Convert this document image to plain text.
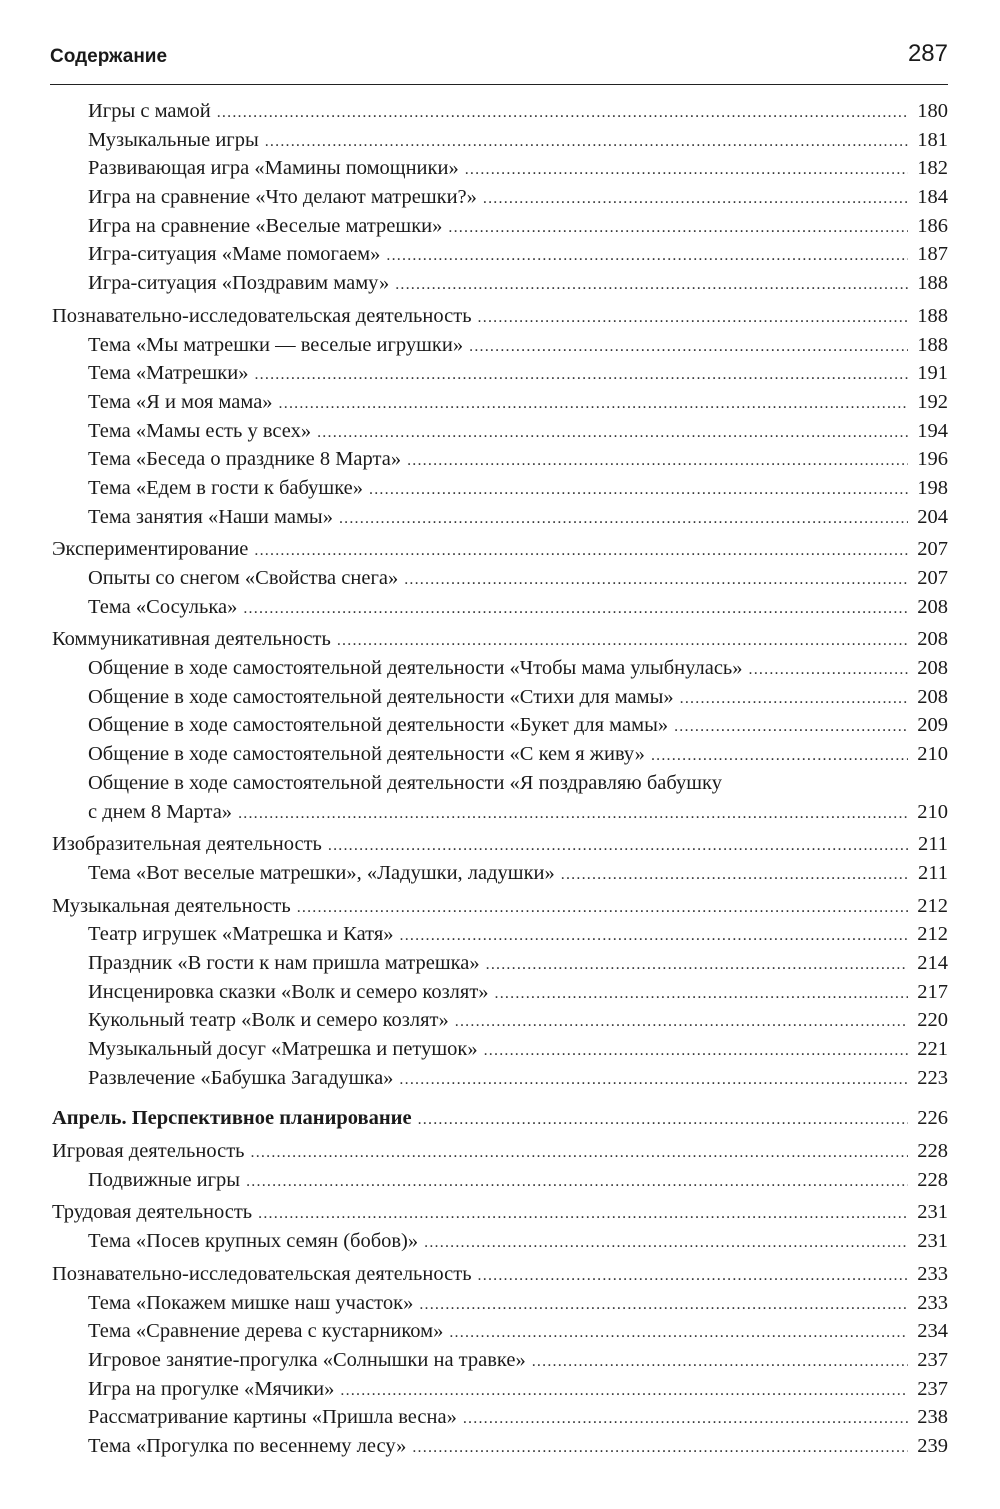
Содержание	287
Игры с мамой .....	180
Музыкальные игры .....	181
Развивающая игра «Мамины помощники» .....	182
Игра на сравнение «Что делают матрешки?» .....	184
Игра на сравнение «Веселые матрешки» .....	186
Игра-ситуация «Маме помогаем» .....	187
Игра-ситуация «Поздравим маму» .....	188
Познавательно-исследовательская деятельность .....	188
Тема «Мы матрешки — веселые игрушки» .....	188
Тема «Матрешки» .....	191
Тема «Я и моя мама» .....	192
Тема «Мамы есть у всех» .....	194
Тема «Беседа о празднике 8 Марта» .....	196
Тема «Едем в гости к бабушке» .....	198
Тема занятия «Наши мамы» .....	204
Экспериментирование .....	207
Опыты со снегом «Свойства снега» .....	207
Тема «Сосулька» .....	208
Коммуникативная деятельность .....	208
Общение в ходе самостоятельной деятельности «Чтобы мама улыбнулась» .....	208
Общение в ходе самостоятельной деятельности «Стихи для мамы» .....	208
Общение в ходе самостоятельной деятельности «Букет для мамы» .....	209
Общение в ходе самостоятельной деятельности «С кем я живу» .....	210
Общение в ходе самостоятельной деятельности «Я поздравляю бабушку
с днем 8 Марта» .....	210
Изобразительная деятельность .....	211
Тема «Вот веселые матрешки», «Ладушки, ладушки» .....	211
Музыкальная деятельность .....	212
Театр игрушек «Матрешка и Катя» .....	212
Праздник «В гости к нам пришла матрешка» .....	214
Инсценировка сказки «Волк и семеро козлят» .....	217
Кукольный театр «Волк и семеро козлят» .....	220
Музыкальный досуг «Матрешка и петушок» .....	221
Развлечение «Бабушка Загадушка» .....	223
Апрель. Перспективное планирование .....	226
Игровая деятельность .....	228
Подвижные игры .....	228
Трудовая деятельность .....	231
Тема «Посев крупных семян (бобов)» .....	231
Познавательно-исследовательская деятельность .....	233
Тема «Покажем мишке наш участок» .....	233
Тема «Сравнение дерева с кустарником» .....	234
Игровое занятие-прогулка «Солнышки на травке» .....	237
Игра на прогулке «Мячики» .....	237
Рассматривание картины «Пришла весна» .....	238
Тема «Прогулка по весеннему лесу» .....	239
